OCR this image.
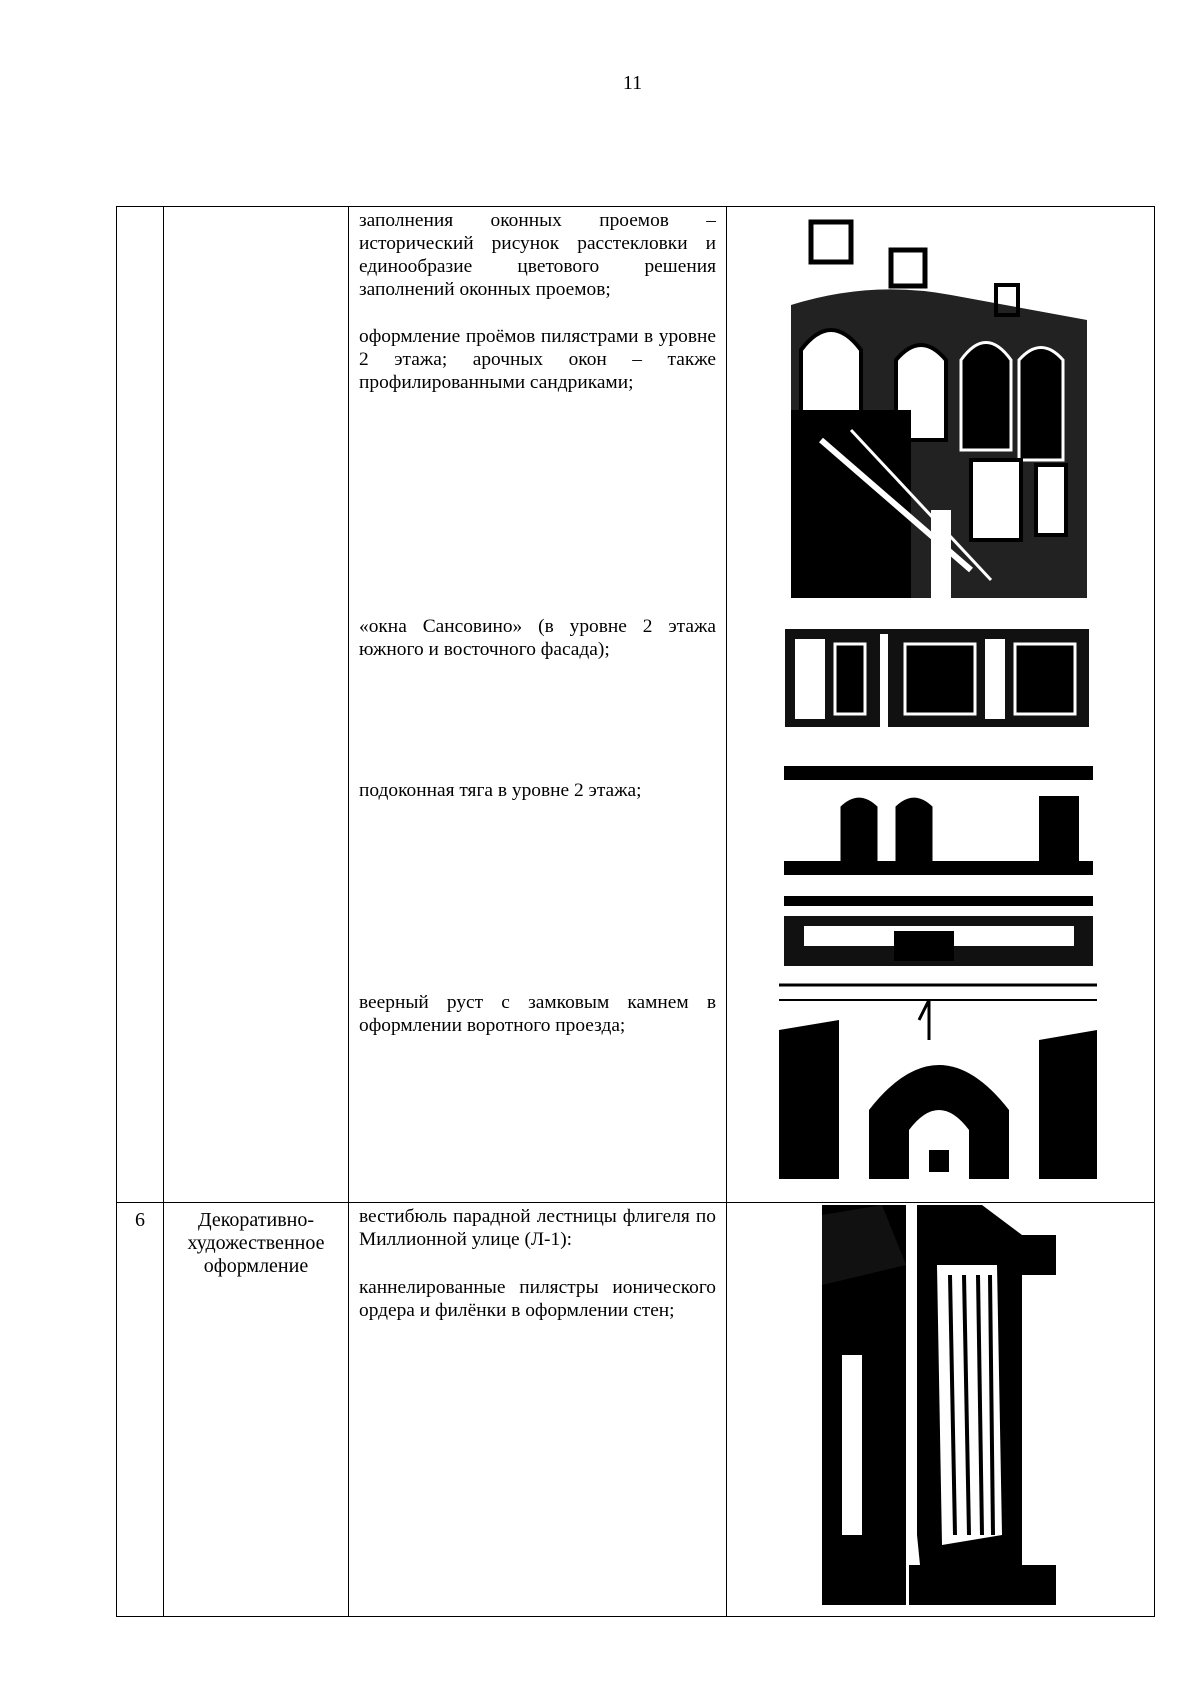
11

		заполнения оконных проемов – исторический рисунок расстекловки и единообразие цветового решения заполнений оконных проемов;

оформление проёмов пилястрами в уровне 2 этажа; арочных окон – также профилированными сандриками;

«окна Сансовино» (в уровне 2 этажа южного и восточного фасада);

подоконная тяга в уровне 2 этажа;

веерный руст с замковым камнем в оформлении воротного проезда;

6	Декоративно-художественное оформление	вестибюль парадной лестницы флигеля по Миллионной улице (Л-1):

каннелированные пилястры ионического ордера и филёнки в оформлении стен;
